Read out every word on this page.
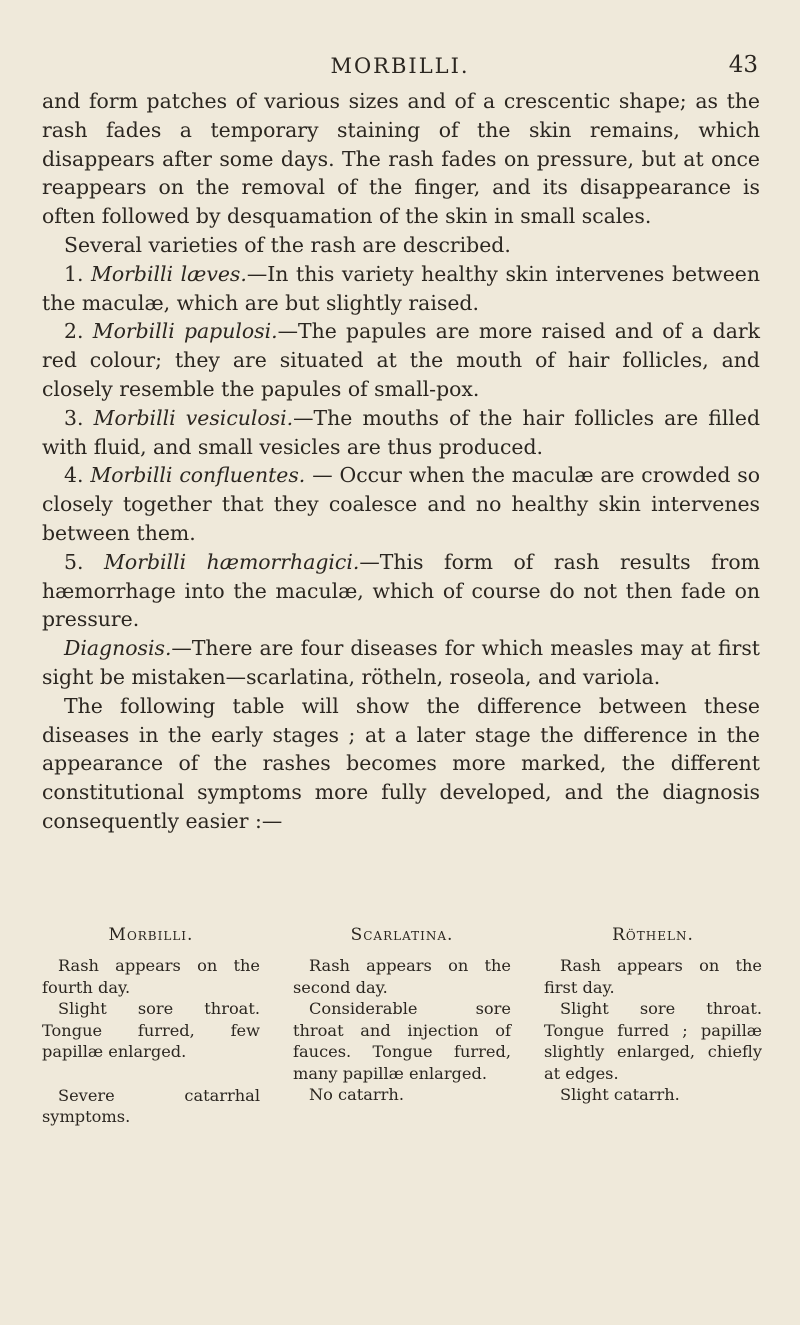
MORBILLI.	43

and form patches of various sizes and of a crescentic shape; as the rash fades a temporary staining of the skin remains, which disappears after some days. The rash fades on pressure, but at once reappears on the removal of the finger, and its disappearance is often followed by desquamation of the skin in small scales.

Several varieties of the rash are described.

1. Morbilli læves.—In this variety healthy skin intervenes between the maculæ, which are but slightly raised.

2. Morbilli papulosi.—The papules are more raised and of a dark red colour; they are situated at the mouth of hair follicles, and closely resemble the papules of small-pox.

3. Morbilli vesiculosi.—The mouths of the hair follicles are filled with fluid, and small vesicles are thus produced.

4. Morbilli confluentes. — Occur when the maculæ are crowded so closely together that they coalesce and no healthy skin intervenes between them.

5. Morbilli hæmorrhagici.—This form of rash results from hæmorrhage into the maculæ, which of course do not then fade on pressure.

Diagnosis.—There are four diseases for which measles may at first sight be mistaken—scarlatina, rötheln, roseola, and variola.

The following table will show the difference between these diseases in the early stages ; at a later stage the difference in the appearance of the rashes becomes more marked, the different constitutional symptoms more fully developed, and the diagnosis consequently easier :—

Morbilli.

Rash appears on the fourth day.

Slight sore throat. Tongue furred, few papillæ enlarged.

Severe catarrhal symptoms.

Scarlatina.

Rash appears on the second day.

Considerable sore throat and injection of fauces. Tongue furred, many papillæ enlarged.

No catarrh.

Rötheln.

Rash appears on the first day.

Slight sore throat. Tongue furred ; papillæ slightly enlarged, chiefly at edges.

Slight catarrh.
